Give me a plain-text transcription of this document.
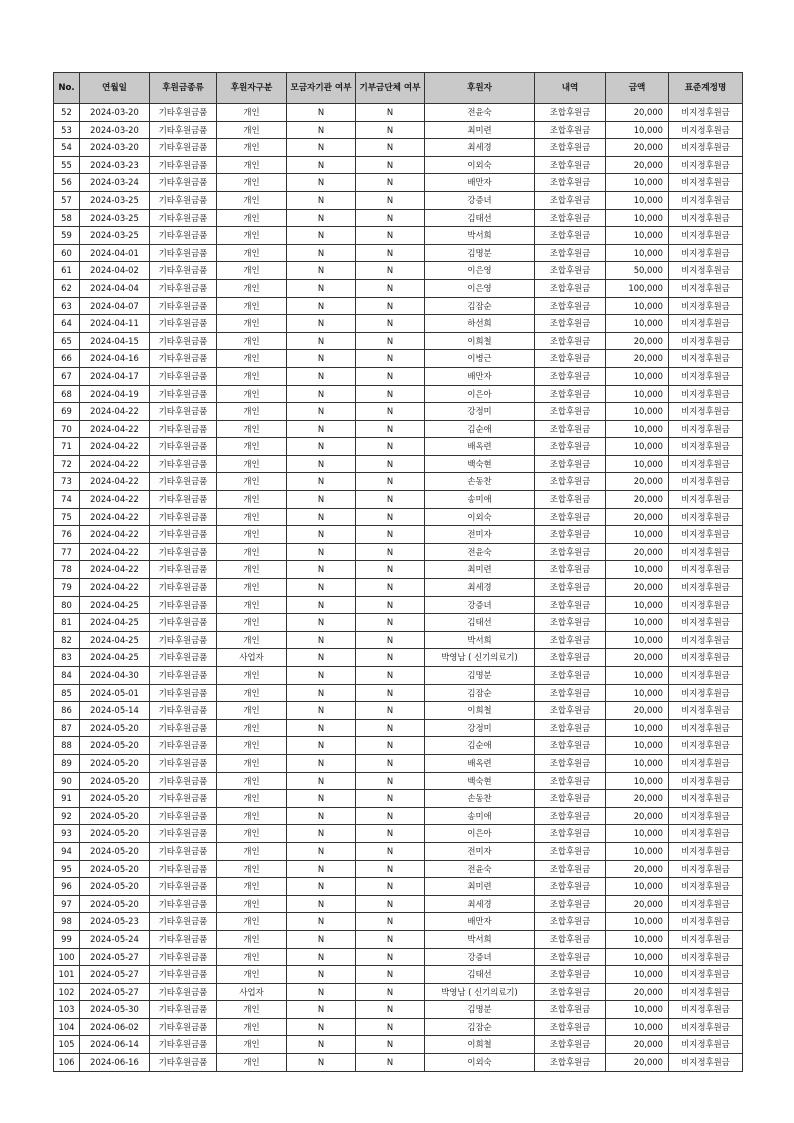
No.	연월일	후원금종류	후원자구분	모금자기관 여부	기부금단체 여부	후원자	내역	금액	표준계정명
52	2024-03-20	기타후원금품	개인	N	N	전윤숙	조합후원금	20,000	비지정후원금
53	2024-03-20	기타후원금품	개인	N	N	최미련	조합후원금	10,000	비지정후원금
54	2024-03-20	기타후원금품	개인	N	N	최세경	조합후원금	20,000	비지정후원금
55	2024-03-23	기타후원금품	개인	N	N	이외숙	조합후원금	20,000	비지정후원금
56	2024-03-24	기타후원금품	개인	N	N	배만자	조합후원금	10,000	비지정후원금
57	2024-03-25	기타후원금품	개인	N	N	강증녀	조합후원금	10,000	비지정후원금
58	2024-03-25	기타후원금품	개인	N	N	김태선	조합후원금	10,000	비지정후원금
59	2024-03-25	기타후원금품	개인	N	N	박서희	조합후원금	10,000	비지정후원금
60	2024-04-01	기타후원금품	개인	N	N	김명분	조합후원금	10,000	비지정후원금
61	2024-04-02	기타후원금품	개인	N	N	이은영	조합후원금	50,000	비지정후원금
62	2024-04-04	기타후원금품	개인	N	N	이은영	조합후원금	100,000	비지정후원금
63	2024-04-07	기타후원금품	개인	N	N	김잠순	조합후원금	10,000	비지정후원금
64	2024-04-11	기타후원금품	개인	N	N	하선희	조합후원금	10,000	비지정후원금
65	2024-04-15	기타후원금품	개인	N	N	이희철	조합후원금	20,000	비지정후원금
66	2024-04-16	기타후원금품	개인	N	N	이병근	조합후원금	20,000	비지정후원금
67	2024-04-17	기타후원금품	개인	N	N	배만자	조합후원금	10,000	비지정후원금
68	2024-04-19	기타후원금품	개인	N	N	이은아	조합후원금	10,000	비지정후원금
69	2024-04-22	기타후원금품	개인	N	N	강정미	조합후원금	10,000	비지정후원금
70	2024-04-22	기타후원금품	개인	N	N	김순애	조합후원금	10,000	비지정후원금
71	2024-04-22	기타후원금품	개인	N	N	배옥련	조합후원금	10,000	비지정후원금
72	2024-04-22	기타후원금품	개인	N	N	백숙현	조합후원금	10,000	비지정후원금
73	2024-04-22	기타후원금품	개인	N	N	손동찬	조합후원금	20,000	비지정후원금
74	2024-04-22	기타후원금품	개인	N	N	송미애	조합후원금	20,000	비지정후원금
75	2024-04-22	기타후원금품	개인	N	N	이외숙	조합후원금	20,000	비지정후원금
76	2024-04-22	기타후원금품	개인	N	N	전미자	조합후원금	10,000	비지정후원금
77	2024-04-22	기타후원금품	개인	N	N	전윤숙	조합후원금	20,000	비지정후원금
78	2024-04-22	기타후원금품	개인	N	N	최미련	조합후원금	10,000	비지정후원금
79	2024-04-22	기타후원금품	개인	N	N	최세경	조합후원금	20,000	비지정후원금
80	2024-04-25	기타후원금품	개인	N	N	강증녀	조합후원금	10,000	비지정후원금
81	2024-04-25	기타후원금품	개인	N	N	김태선	조합후원금	10,000	비지정후원금
82	2024-04-25	기타후원금품	개인	N	N	박서희	조합후원금	10,000	비지정후원금
83	2024-04-25	기타후원금품	사업자	N	N	박영남 ( 신기의료기)	조합후원금	20,000	비지정후원금
84	2024-04-30	기타후원금품	개인	N	N	김명분	조합후원금	10,000	비지정후원금
85	2024-05-01	기타후원금품	개인	N	N	김잠순	조합후원금	10,000	비지정후원금
86	2024-05-14	기타후원금품	개인	N	N	이희철	조합후원금	20,000	비지정후원금
87	2024-05-20	기타후원금품	개인	N	N	강정미	조합후원금	10,000	비지정후원금
88	2024-05-20	기타후원금품	개인	N	N	김순애	조합후원금	10,000	비지정후원금
89	2024-05-20	기타후원금품	개인	N	N	배옥련	조합후원금	10,000	비지정후원금
90	2024-05-20	기타후원금품	개인	N	N	백숙현	조합후원금	10,000	비지정후원금
91	2024-05-20	기타후원금품	개인	N	N	손동찬	조합후원금	20,000	비지정후원금
92	2024-05-20	기타후원금품	개인	N	N	송미애	조합후원금	20,000	비지정후원금
93	2024-05-20	기타후원금품	개인	N	N	이은아	조합후원금	10,000	비지정후원금
94	2024-05-20	기타후원금품	개인	N	N	전미자	조합후원금	10,000	비지정후원금
95	2024-05-20	기타후원금품	개인	N	N	전윤숙	조합후원금	20,000	비지정후원금
96	2024-05-20	기타후원금품	개인	N	N	최미련	조합후원금	10,000	비지정후원금
97	2024-05-20	기타후원금품	개인	N	N	최세경	조합후원금	20,000	비지정후원금
98	2024-05-23	기타후원금품	개인	N	N	배만자	조합후원금	10,000	비지정후원금
99	2024-05-24	기타후원금품	개인	N	N	박서희	조합후원금	10,000	비지정후원금
100	2024-05-27	기타후원금품	개인	N	N	강증녀	조합후원금	10,000	비지정후원금
101	2024-05-27	기타후원금품	개인	N	N	김태선	조합후원금	10,000	비지정후원금
102	2024-05-27	기타후원금품	사업자	N	N	박영남 ( 신기의료기)	조합후원금	20,000	비지정후원금
103	2024-05-30	기타후원금품	개인	N	N	김명분	조합후원금	10,000	비지정후원금
104	2024-06-02	기타후원금품	개인	N	N	김잠순	조합후원금	10,000	비지정후원금
105	2024-06-14	기타후원금품	개인	N	N	이희철	조합후원금	20,000	비지정후원금
106	2024-06-16	기타후원금품	개인	N	N	이외숙	조합후원금	20,000	비지정후원금
